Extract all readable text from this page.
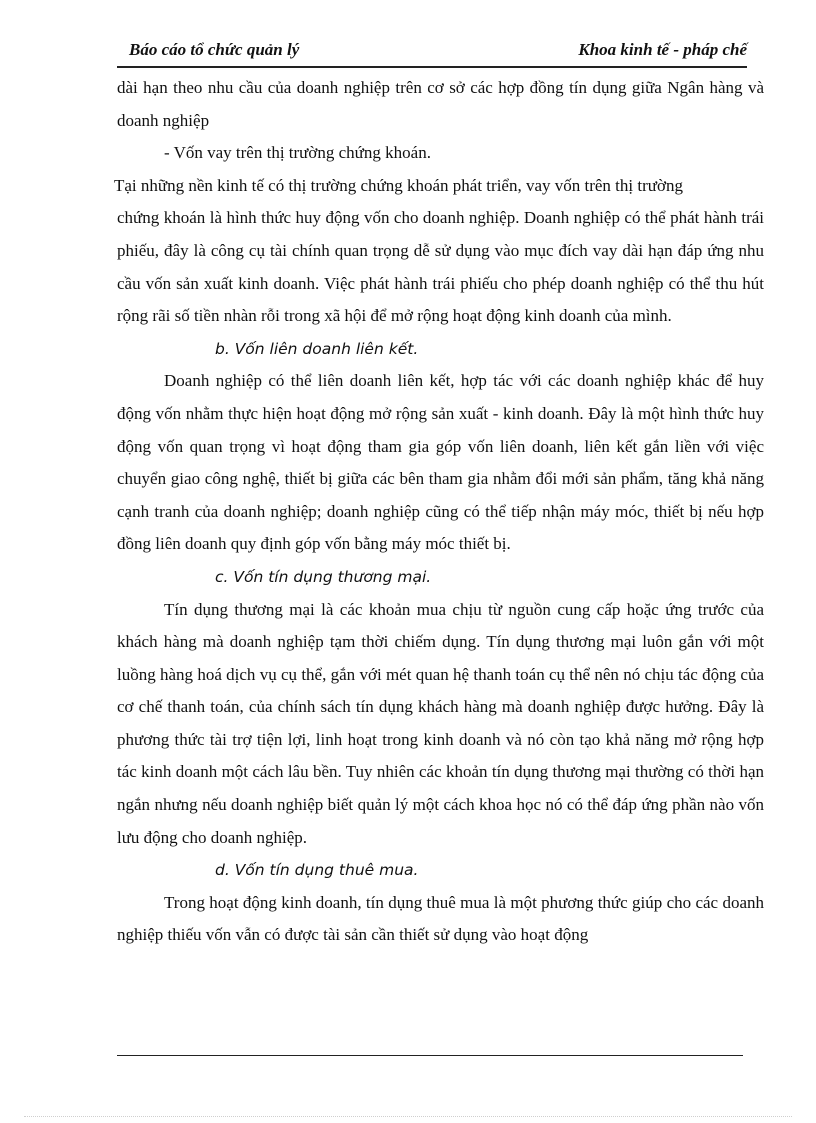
Báo cáo tổ chức quản lý	Khoa kinh tế - pháp chế

dài hạn theo nhu cầu của doanh nghiệp trên cơ sở các hợp đồng tín dụng giữa Ngân hàng và doanh nghiệp

- Vốn vay trên thị trường chứng khoán.

Tại những nền kinh tế có thị trường chứng khoán phát triển, vay vốn trên thị trường

chứng khoán là hình thức huy động vốn cho doanh nghiệp. Doanh nghiệp có thể phát hành trái phiếu, đây là công cụ tài chính quan trọng dễ sử dụng vào mục đích vay dài hạn đáp ứng nhu cầu vốn sản xuất kinh doanh. Việc phát hành trái phiếu cho phép doanh nghiệp có thể thu hút rộng rãi số tiền nhàn rỗi trong xã hội để mở rộng hoạt động kinh doanh của mình.

b. Vốn liên doanh liên kết.

Doanh nghiệp có thể liên doanh liên kết, hợp tác với các doanh nghiệp khác để huy động vốn nhằm thực hiện hoạt động mở rộng sản xuất - kinh doanh. Đây là một hình thức huy động vốn quan trọng vì hoạt động tham gia góp vốn liên doanh, liên kết gắn liền với việc chuyển giao công nghệ, thiết bị giữa các bên tham gia nhằm đổi mới sản phẩm, tăng khả năng cạnh tranh của doanh nghiệp; doanh nghiệp cũng có thể tiếp nhận máy móc, thiết bị nếu hợp đồng liên doanh quy định góp vốn bằng máy móc thiết bị.

c. Vốn tín dụng thương mại.

Tín dụng thương mại là các khoản mua chịu từ nguồn cung cấp hoặc ứng trước của khách hàng mà doanh nghiệp tạm thời chiếm dụng. Tín dụng thương mại luôn gắn với một luồng hàng hoá dịch vụ cụ thể, gắn với mét quan hệ thanh toán cụ thể nên nó chịu tác động của cơ chế thanh toán, của chính sách tín dụng khách hàng mà doanh nghiệp được hưởng. Đây là phương thức tài trợ tiện lợi, linh hoạt trong kinh doanh và nó còn tạo khả năng mở rộng hợp tác kinh doanh một cách lâu bền. Tuy nhiên các khoản tín dụng thương mại thường có thời hạn ngắn nhưng nếu doanh nghiệp biết quản lý một cách khoa học nó có thể đáp ứng phần nào vốn lưu động cho doanh nghiệp.

d. Vốn tín dụng thuê mua.

Trong hoạt động kinh doanh, tín dụng thuê mua là một phương thức giúp cho các doanh nghiệp thiếu vốn vẫn có được tài sản cần thiết sử dụng vào hoạt động
